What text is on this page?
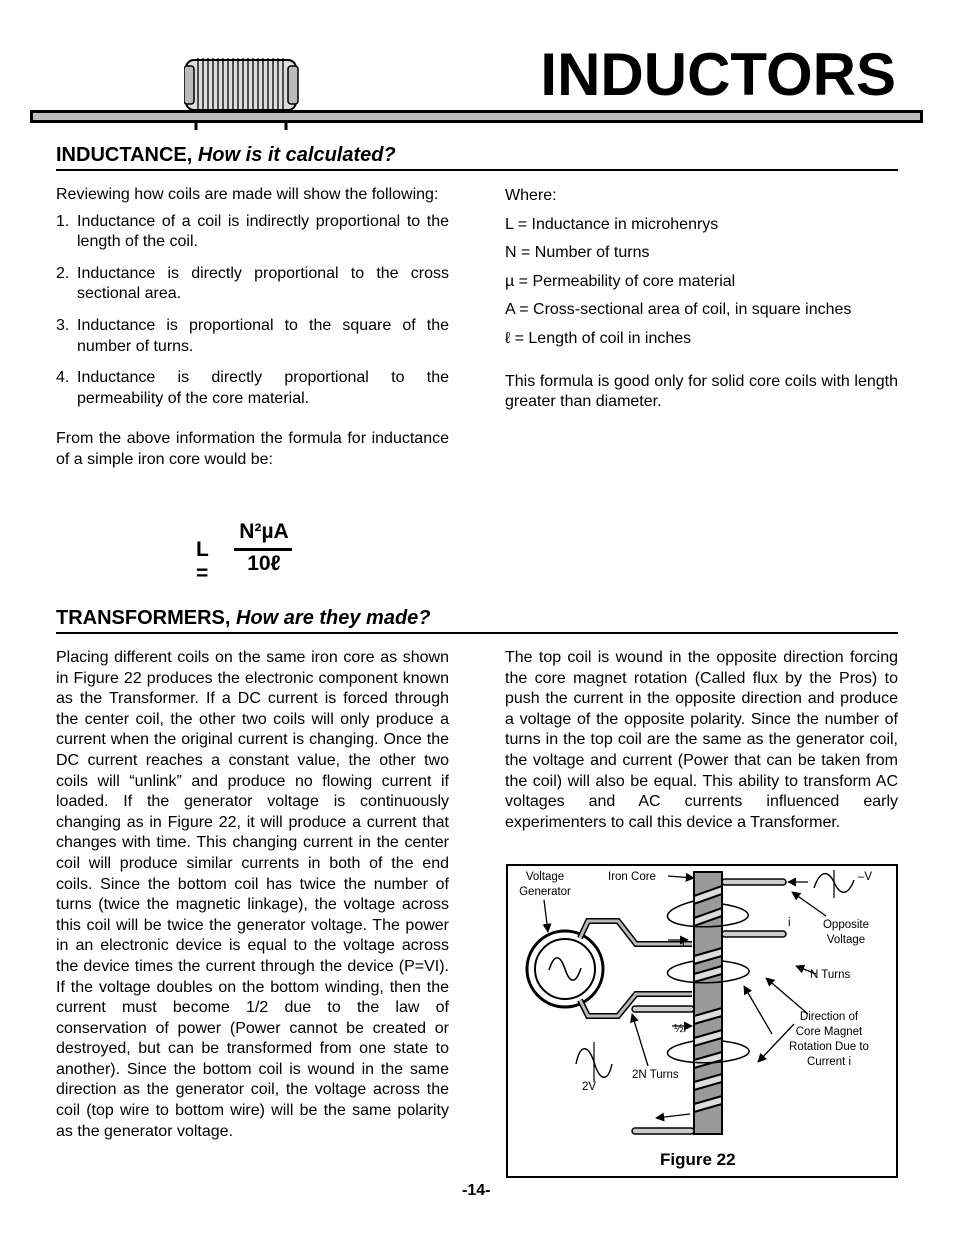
INDUCTORS
INDUCTANCE, How is it calculated?

Reviewing how coils are made will show the following:

1. Inductance of a coil is indirectly proportional to the length of the coil.
2. Inductance is directly proportional to the cross sectional area.
3. Inductance is proportional to the square of the number of turns.
4. Inductance is directly proportional to the permeability of the core material.

From the above information the formula for inductance of a simple iron core would be:

L =
N²µA
10ℓ

Where:

L = Inductance in microhenrys

N = Number of turns

µ = Permeability of core material

A = Cross-sectional area of coil, in square inches

ℓ = Length of coil in inches

This formula is good only for solid core coils with length greater than diameter.

TRANSFORMERS, How are they made?

Placing different coils on the same iron core as shown in Figure 22 produces the electronic component known as the Transformer. If a DC current is forced through the center coil, the other two coils will only produce a current when the original current is changing. Once the DC current reaches a constant value, the other two coils will “unlink” and produce no flowing current if loaded. If the generator voltage is continuously changing as in Figure 22, it will produce a current that changes with time. This changing current in the center coil will produce similar currents in both of the end coils. Since the bottom coil has twice the number of turns (twice the magnetic linkage), the voltage across this coil will be twice the generator voltage. The power in an electronic device is equal to the voltage across the device times the current through the device (P=VI). If the voltage doubles on the bottom winding, then the current must become 1/2 due to the law of conservation of power (Power cannot be created or destroyed, but can be transformed from one state to another). Since the bottom coil is wound in the same direction as the generator coil, the voltage across the coil (top wire to bottom wire) will be the same polarity as the generator voltage.

The top coil is wound in the opposite direction forcing the core magnet rotation (Called flux by the Pros) to push the current in the opposite direction and produce a voltage of the opposite polarity. Since the number of turns in the top coil are the same as the generator coil, the voltage and current (Power that can be taken from the coil) will also be equal. This ability to transform AC voltages and AC currents influenced early experimenters to call this device a Transformer.

Voltage Generator
Iron Core	–V
i	Opposite Voltage
i
N Turns
Direction of Core Magnet Rotation Due to Current i
½i
2N Turns
2V
Figure 22
-14-
